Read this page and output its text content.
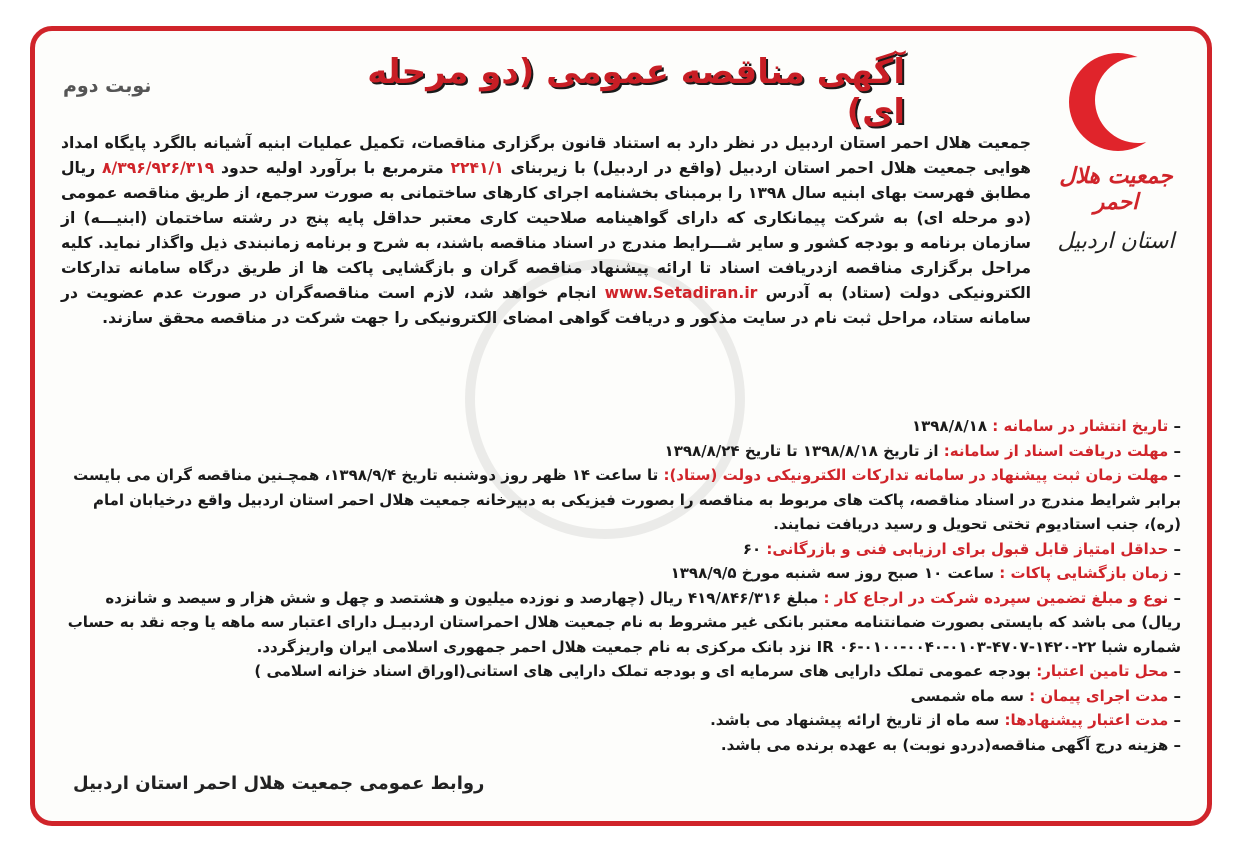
جمعیت هلال احمر
استان اردبیل
نوبت دوم	آگهی مناقصه عمومی (دو مرحله ای)
جمعیت هلال احمر استان اردبیل در نظر دارد به استناد قانون برگزاری مناقصات، تکمیل عملیات ابنیه آشیانه بالگرد پایگاه امداد هوایی جمعیت هلال احمر استان اردبیل (واقع در اردبیل) با زیربنای ۲۲۴۱/۱ مترمربع با برآورد اولیه حدود ۸/۳۹۶/۹۲۶/۳۱۹ ریال مطابق فهرست بهای ابنیه سال ۱۳۹۸ را برمبنای بخشنامه اجرای کارهای ساختمانی به صورت سرجمع، از طریق مناقصه عمومی (دو مرحله ای) به شرکت پیمانکاری که دارای گواهینامه صلاحیت کاری معتبر حداقل پایه پنج در رشته ساختمان (ابنیـــه) از سازمان برنامه و بودجه کشور و سایر شـــرایط مندرج در اسناد مناقصه باشند، به شرح و برنامه زمانبندی ذیل واگذار نماید. کلیه مراحل برگزاری مناقصه ازدریافت اسناد تا ارائه پیشنهاد مناقصه گران و بازگشایی پاکت ها از طریق درگاه سامانه تدارکات الکترونیکی دولت (ستاد) به آدرس www.Setadiran.ir انجام خواهد شد، لازم است مناقصه‌گران در صورت عدم عضویت در سامانه ستاد، مراحل ثبت نام در سایت مذکور و دریافت گواهی امضای الکترونیکی را جهت شرکت در مناقصه محقق سازند.
– تاریخ انتشار در سامانه : ۱۳۹۸/۸/۱۸
– مهلت دریافت اسناد از سامانه: از تاریخ ۱۳۹۸/۸/۱۸ تا تاریخ ۱۳۹۸/۸/۲۴
– مهلت زمان ثبت پیشنهاد در سامانه تدارکات الکترونیکی دولت (ستاد): تا ساعت ۱۴ ظهر روز دوشنبه تاریخ ۱۳۹۸/۹/۴، همچـنین مناقصه گران می بایست برابر شرایط مندرج در اسناد مناقصه، پاکت های مربوط به مناقصه را بصورت فیزیکی به دبیرخانه جمعیت هلال احمر استان اردبیل واقع درخیابان امام (ره)، جنب استادیوم تختی تحویل و رسید دریافت نمایند.
– حداقل امتیاز قابل قبول برای ارزیابی فنی و بازرگانی: ۶۰
– زمان بازگشایی پاکات : ساعت ۱۰ صبح روز سه شنبه مورخ ۱۳۹۸/۹/۵
– نوع و مبلغ تضمین سپرده شرکت در ارجاع کار : مبلغ ۴۱۹/۸۴۶/۳۱۶ ریال (چهارصد و نوزده میلیون و هشتصد و چهل و شش هزار و سیصد و شانزده ریال) می باشد که بایستی بصورت ضمانتنامه معتبر بانکی غیر مشروط به نام جمعیت هلال احمراستان اردبیـل دارای اعتبار سه ماهه یا وجه نقد به حساب شماره شبا IR ۰۶-۰۱۰۰-۰۰۴۰-۰۱۰۳-۴۷۰۷-۱۴۲۰-۲۲ نزد بانک مرکزی به نام جمعیت هلال احمر جمهوری اسلامی ایران واریزگردد.
– محل تامین اعتبار: بودجه عمومی تملک دارایی های سرمایه ای و بودجه تملک دارایی های استانی(اوراق اسناد خزانه اسلامی )
– مدت اجرای پیمان : سه ماه شمسی
– مدت اعتبار پیشنهادها: سه ماه از تاریخ ارائه پیشنهاد می باشد.
– هزینه درج آگهی مناقصه(دردو نوبت) به عهده برنده می باشد.
روابط عمومی جمعیت هلال احمر استان اردبیل
